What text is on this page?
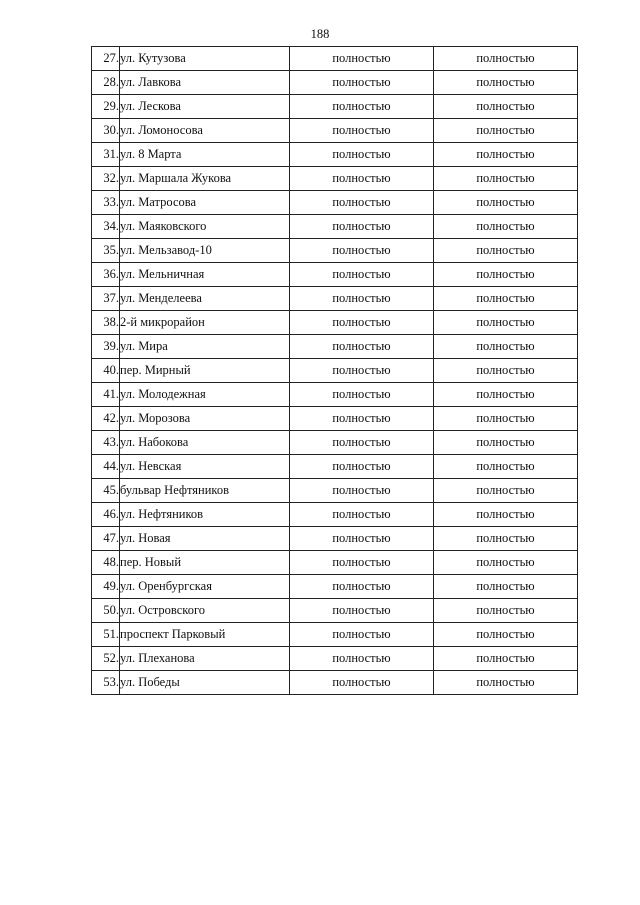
188
27.	ул. Кутузова	полностью	полностью
28.	ул. Лавкова	полностью	полностью
29.	ул. Лескова	полностью	полностью
30.	ул. Ломоносова	полностью	полностью
31.	ул. 8 Марта	полностью	полностью
32.	ул. Маршала Жукова	полностью	полностью
33.	ул. Матросова	полностью	полностью
34.	ул. Маяковского	полностью	полностью
35.	ул. Мельзавод-10	полностью	полностью
36.	ул. Мельничная	полностью	полностью
37.	ул. Менделеева	полностью	полностью
38.	2-й микрорайон	полностью	полностью
39.	ул. Мира	полностью	полностью
40.	пер. Мирный	полностью	полностью
41.	ул. Молодежная	полностью	полностью
42.	ул. Морозова	полностью	полностью
43.	ул. Набокова	полностью	полностью
44.	ул. Невская	полностью	полностью
45.	бульвар Нефтяников	полностью	полностью
46.	ул. Нефтяников	полностью	полностью
47.	ул. Новая	полностью	полностью
48.	пер. Новый	полностью	полностью
49.	ул. Оренбургская	полностью	полностью
50.	ул. Островского	полностью	полностью
51.	проспект Парковый	полностью	полностью
52.	ул. Плеханова	полностью	полностью
53.	ул. Победы	полностью	полностью
